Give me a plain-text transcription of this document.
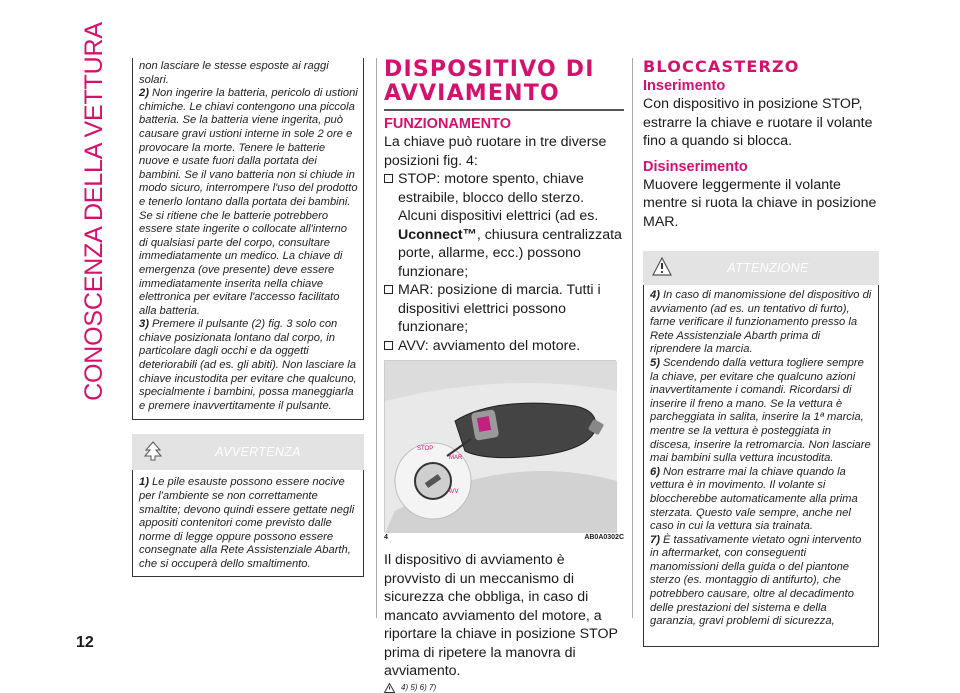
CONOSCENZA DELLA VETTURA	non lasciare le stesse esposte ai raggi solari.

2) Non ingerire la batteria, pericolo di ustioni chimiche. Le chiavi contengono una piccola batteria. Se la batteria viene ingerita, può causare gravi ustioni interne in sole 2 ore e provocare la morte. Tenere le batterie nuove e usate fuori dalla portata dei bambini. Se il vano batteria non si chiude in modo sicuro, interrompere l'uso del prodotto e tenerlo lontano dalla portata dei bambini. Se si ritiene che le batterie potrebbero essere state ingerite o collocate all'interno di qualsiasi parte del corpo, consultare immediatamente un medico. La chiave di emergenza (ove presente) deve essere immediatamente inserita nella chiave elettronica per evitare l'accesso facilitato alla batteria.

3) Premere il pulsante (2) fig. 3 solo con chiave posizionata lontano dal corpo, in particolare dagli occhi e da oggetti deteriorabili (ad es. gli abiti). Non lasciare la chiave incustodita per evitare che qualcuno, specialmente i bambini, possa maneggiarla e premere inavvertitamente il pulsante.

AVVERTENZA

1) Le pile esauste possono essere nocive per l'ambiente se non correttamente smaltite; devono quindi essere gettate negli appositi contenitori come previsto dalle norme di legge oppure possono essere consegnate alla Rete Assistenziale Abarth, che si occuperà dello smaltimento.

DISPOSITIVO DI AVVIAMENTO
FUNZIONAMENTO
La chiave può ruotare in tre diverse posizioni fig. 4:
STOP: motore spento, chiave estraibile, blocco dello sterzo. Alcuni dispositivi elettrici (ad es. Uconnect™, chiusura centralizzata porte, allarme, ecc.) possono funzionare;
MAR: posizione di marcia. Tutti i dispositivi elettrici possono funzionare;
AVV: avviamento del motore.
STOP
MAR
AVV
4	AB0A0302C
Il dispositivo di avviamento è provvisto di un meccanismo di sicurezza che obbliga, in caso di mancato avviamento del motore, a riportare la chiave in posizione STOP prima di ripetere la manovra di avviamento.
4) 5) 6) 7)
BLOCCASTERZO
Inserimento
Con dispositivo in posizione STOP, estrarre la chiave e ruotare il volante fino a quando si blocca.
Disinserimento
Muovere leggermente il volante mentre si ruota la chiave in posizione MAR.
ATTENZIONE

4) In caso di manomissione del dispositivo di avviamento (ad es. un tentativo di furto), farne verificare il funzionamento presso la Rete Assistenziale Abarth prima di riprendere la marcia.

5) Scendendo dalla vettura togliere sempre la chiave, per evitare che qualcuno azioni inavvertitamente i comandi. Ricordarsi di inserire il freno a mano. Se la vettura è parcheggiata in salita, inserire la 1ª marcia, mentre se la vettura è posteggiata in discesa, inserire la retromarcia. Non lasciare mai bambini sulla vettura incustodita.

6) Non estrarre mai la chiave quando la vettura è in movimento. Il volante si bloccherebbe automaticamente alla prima sterzata. Questo vale sempre, anche nel caso in cui la vettura sia trainata.

7) È tassativamente vietato ogni intervento in aftermarket, con conseguenti manomissioni della guida o del piantone sterzo (es. montaggio di antifurto), che potrebbero causare, oltre al decadimento delle prestazioni del sistema e della garanzia, gravi problemi di sicurezza,

12
